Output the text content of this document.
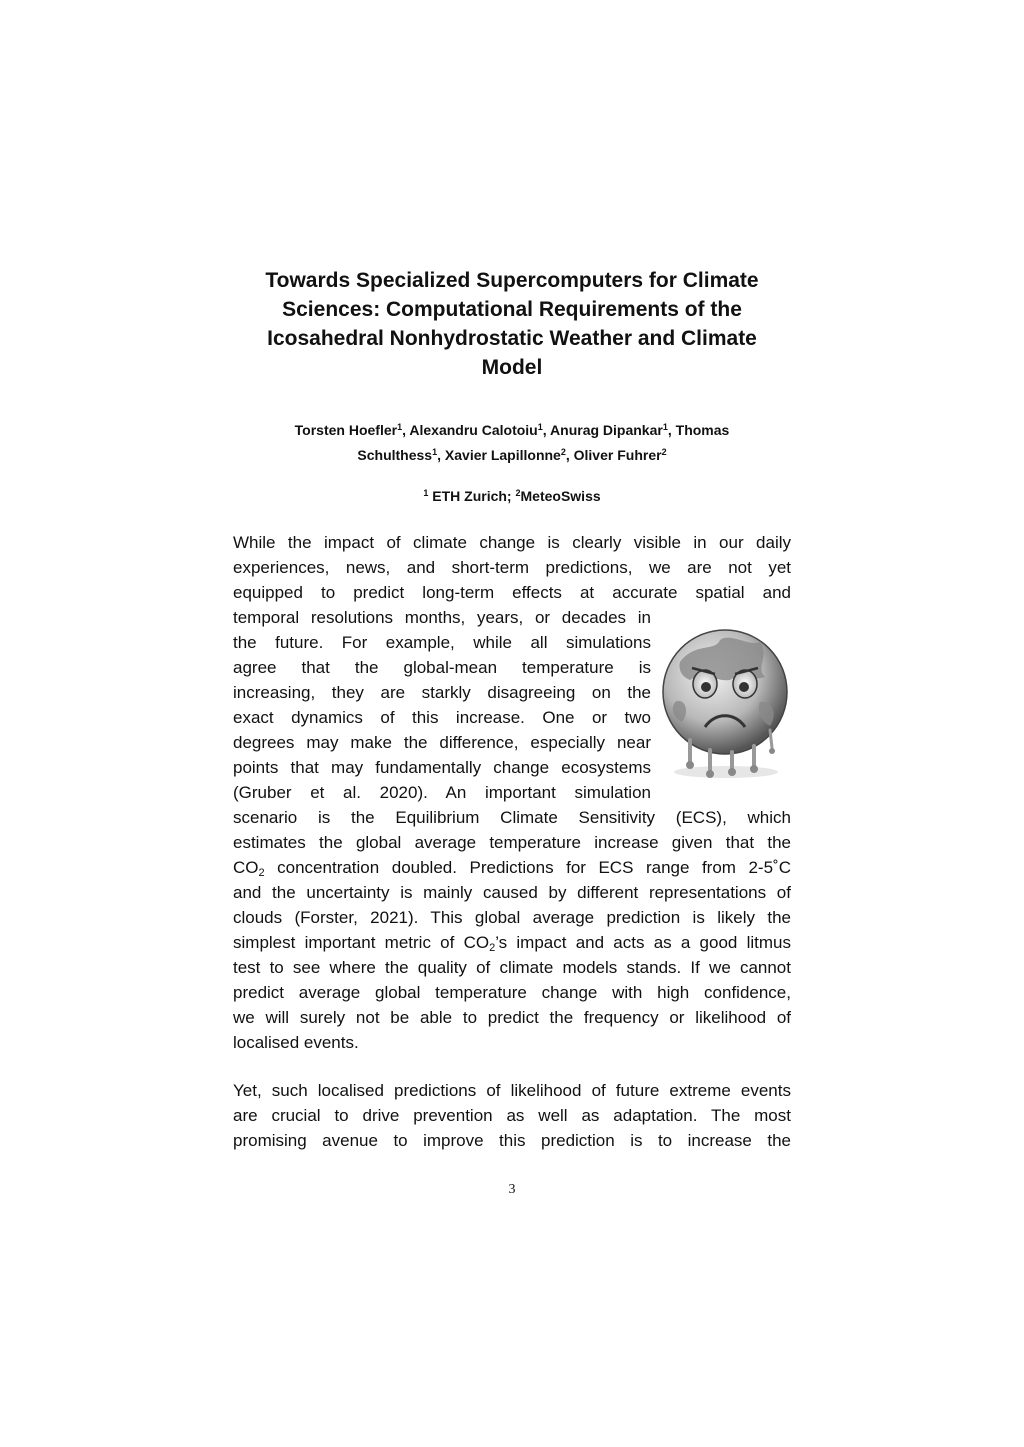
Towards Specialized Supercomputers for Climate
Sciences: Computational Requirements of the
Icosahedral Nonhydrostatic Weather and Climate
Model
Torsten Hoefler$^1$, Alexandru Calotoiu$^1$, Anurag Dipankar$^1$, Thomas
Schulthess$^1$, Xavier Lapillonne$^2$, Oliver Fuhrer$^2$
$^1$ ETH Zurich; $^2$MeteoSwiss
While the impact of climate change is clearly visible in our daily
experiences, news, and short-term predictions, we are not yet
equipped to predict long-term effects at accurate spatial and
temporal resolutions months, years, or decades in
the future. For example, while all simulations
agree that the global-mean temperature is
increasing, they are starkly disagreeing on the
exact dynamics of this increase. One or two
degrees may make the difference, especially near
points that may fundamentally change ecosystems
(Gruber et al. 2020). An important simulation
scenario is the Equilibrium Climate Sensitivity (ECS), which
estimates the global average temperature increase given that the
$CO_2$ concentration doubled. Predictions for ECS range from 2-5˚C
and the uncertainty is mainly caused by different representations of
clouds (Forster, 2021). This global average prediction is likely the
simplest important metric of $CO_2’s$ impact and acts as a good litmus
test to see where the quality of climate models stands. If we cannot
predict average global temperature change with high confidence,
we will surely not be able to predict the frequency or likelihood of
localised events.
Yet, such localised predictions of likelihood of future extreme events
are crucial to drive prevention as well as adaptation. The most
promising avenue to improve this prediction is to increase the
3
